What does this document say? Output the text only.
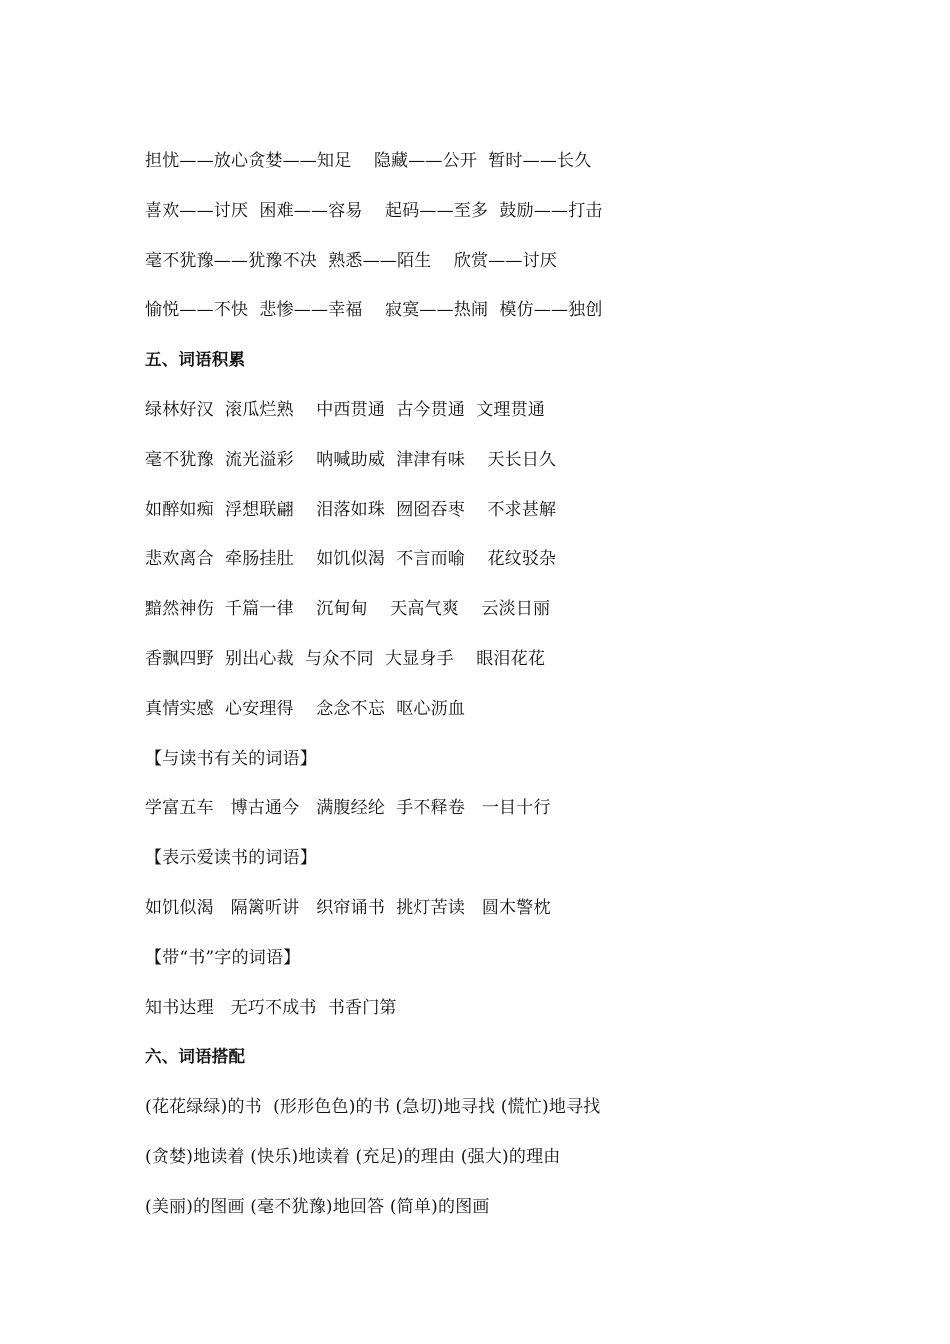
担忧——放心贪婪——知足    隐藏——公开  暂时——长久
喜欢——讨厌  困难——容易    起码——至多  鼓励——打击
毫不犹豫——犹豫不决  熟悉——陌生    欣赏——讨厌
愉悦——不快  悲惨——幸福    寂寞——热闹  模仿——独创
五、词语积累
绿林好汉  滚瓜烂熟    中西贯通  古今贯通  文理贯通
毫不犹豫  流光溢彩    呐喊助威  津津有味    天长日久
如醉如痴  浮想联翩    泪落如珠  囫囵吞枣    不求甚解
悲欢离合  牵肠挂肚    如饥似渴  不言而喻    花纹驳杂
黯然神伤  千篇一律    沉甸甸    天高气爽    云淡日丽
香飘四野  别出心裁  与众不同  大显身手    眼泪花花
真情实感  心安理得    念念不忘  呕心沥血
【与读书有关的词语】
学富五车   博古通今   满腹经纶  手不释卷   一目十行
【表示爱读书的词语】
如饥似渴   隔篱听讲   织帘诵书  挑灯苦读   圆木警枕
【带“书”字的词语】
知书达理   无巧不成书  书香门第
六、词语搭配
(花花绿绿)的书  (形形色色)的书 (急切)地寻找 (慌忙)地寻找
(贪婪)地读着 (快乐)地读着 (充足)的理由 (强大)的理由
(美丽)的图画 (毫不犹豫)地回答 (简单)的图画
